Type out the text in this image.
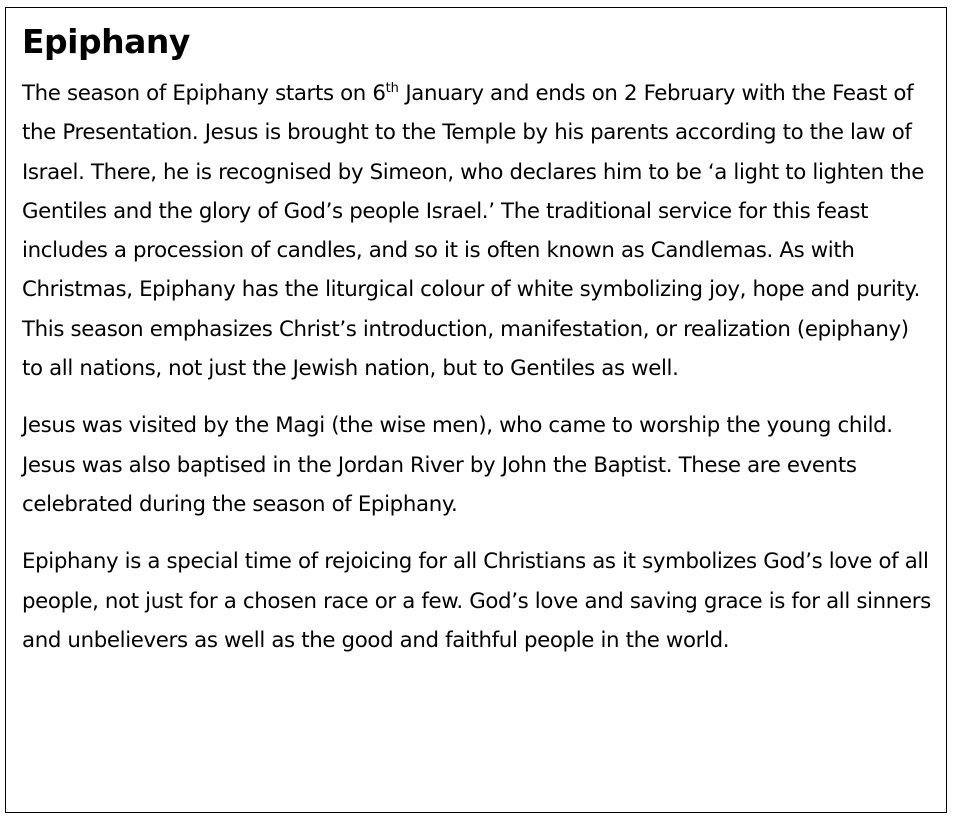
Epiphany

The season of Epiphany starts on 6th January and ends on 2 February with the Feast of the Presentation. Jesus is brought to the Temple by his parents according to the law of Israel. There, he is recognised by Simeon, who declares him to be ‘a light to lighten the Gentiles and the glory of God’s people Israel.’ The traditional service for this feast includes a procession of candles, and so it is often known as Candlemas. As with Christmas, Epiphany has the liturgical colour of white symbolizing joy, hope and purity. This season emphasizes Christ’s introduction, manifestation, or realization (epiphany) to all nations, not just the Jewish nation, but to Gentiles as well.

Jesus was visited by the Magi (the wise men), who came to worship the young child. Jesus was also baptised in the Jordan River by John the Baptist. These are events celebrated during the season of Epiphany.

Epiphany is a special time of rejoicing for all Christians as it symbolizes God’s love of all people, not just for a chosen race or a few. God’s love and saving grace is for all sinners and unbelievers as well as the good and faithful people in the world.
